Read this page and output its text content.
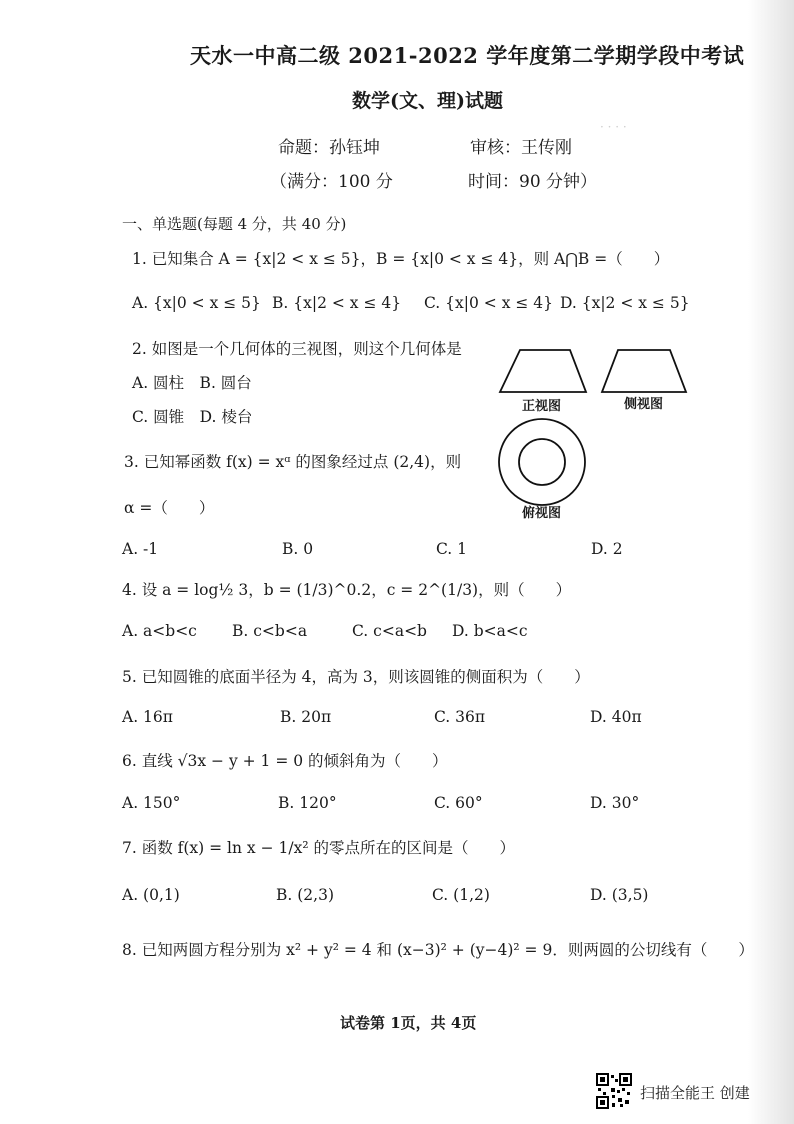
· · · ·
天水一中高二级 2021-2022 学年度第二学期学段中考试
数学(文、理)试题
命题：孙钰坤	审核：王传刚
（满分：100 分	时间：90 分钟）
一、单选题(每题 4 分，共 40 分)
1. 已知集合 A = {x|2 < x ≤ 5}，B = {x|0 < x ≤ 4}，则 A⋂B =（　　）
A. {x|0 < x ≤ 5} B. {x|2 < x ≤ 4} C. {x|0 < x ≤ 4} D. {x|2 < x ≤ 5}
2. 如图是一个几何体的三视图，则这个几何体是
A. 圆柱　B. 圆台
C. 圆锥　D. 棱台
正视图	侧视图
俯视图
3. 已知幂函数 f(x) = xᵅ 的图象经过点 (2,4)，则
α =（　　）
A. -1	B. 0	C. 1	D. 2
4. 设 a = log½ 3，b = (1/3)^0.2，c = 2^(1/3)，则（　　）
A. a<b<c B. c<b<a	C. c<a<b D. b<a<c
5. 已知圆锥的底面半径为 4，高为 3，则该圆锥的侧面积为（　　）
A. 16π	B. 20π	C. 36π	D. 40π
6. 直线 √3x − y + 1 = 0 的倾斜角为（　　）
A. 150°	B. 120°	C. 60°	D. 30°
7. 函数 f(x) = ln x − 1/x² 的零点所在的区间是（　　）
A. (0,1)	B. (2,3)	C. (1,2)	D. (3,5)
8. 已知两圆方程分别为 x² + y² = 4 和 (x−3)² + (y−4)² = 9．则两圆的公切线有（　　）
试卷第 1页，共 4页
扫描全能王 创建
